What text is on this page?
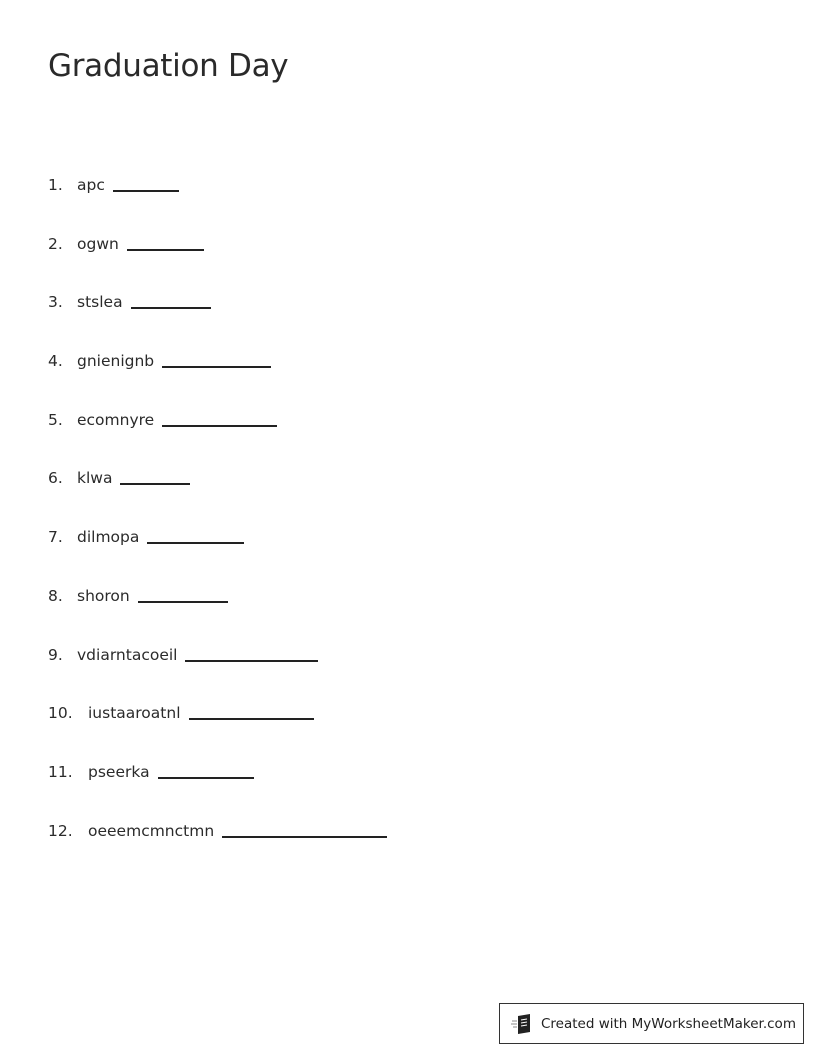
Graduation Day
1. apc
2. ogwn
3. stslea
4. gnienignb
5. ecomnyre
6. klwa
7. dilmopa
8. shoron
9. vdiarntacoeil
10. iustaaroatnl
11. pseerka
12. oeeemcmnctmn
Created with MyWorksheetMaker.com
